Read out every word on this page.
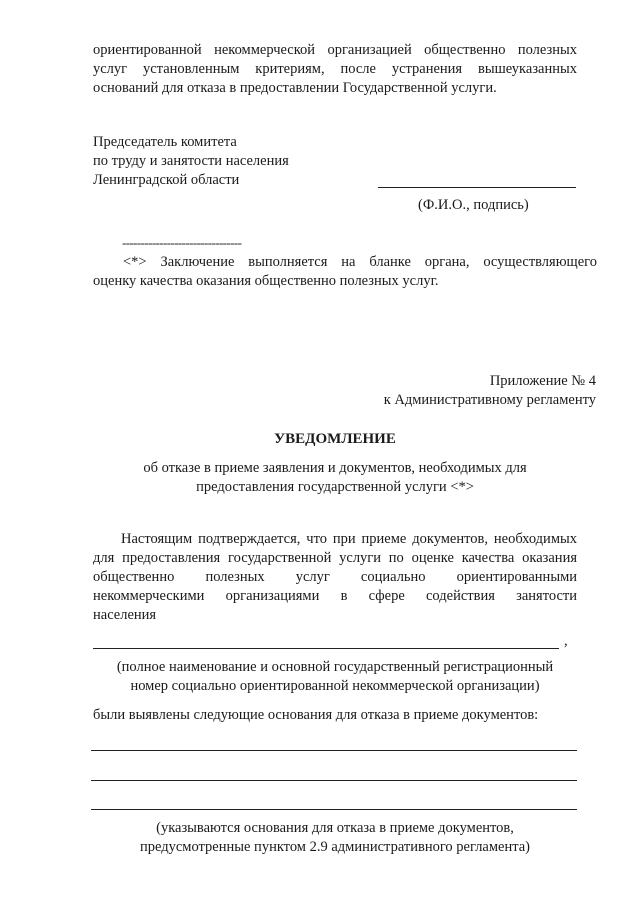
ориентированной некоммерческой организацией общественно полезных
услуг установленным критериям, после устранения вышеуказанных
оснований для отказа в предоставлении Государственной услуги.
Председатель комитета
по труду и занятости населения
Ленинградской области
(Ф.И.О., подпись)
--------------------------------
<*> Заключение выполняется на бланке органа, осуществляющего
оценку качества оказания общественно полезных услуг.
Приложение № 4
к Административному регламенту
УВЕДОМЛЕНИЕ
об отказе в приеме заявления и документов, необходимых для
предоставления государственной услуги <*>
Настоящим подтверждается, что при приеме документов, необходимых
для предоставления государственной услуги по оценке качества оказания
общественно полезных услуг социально ориентированными
некоммерческими организациями в сфере содействия занятости
населения
,
(полное наименование и основной государственный регистрационный
номер социально ориентированной некоммерческой организации)
были выявлены следующие основания для отказа в приеме документов:
(указываются основания для отказа в приеме документов,
предусмотренные пунктом 2.9 административного регламента)
